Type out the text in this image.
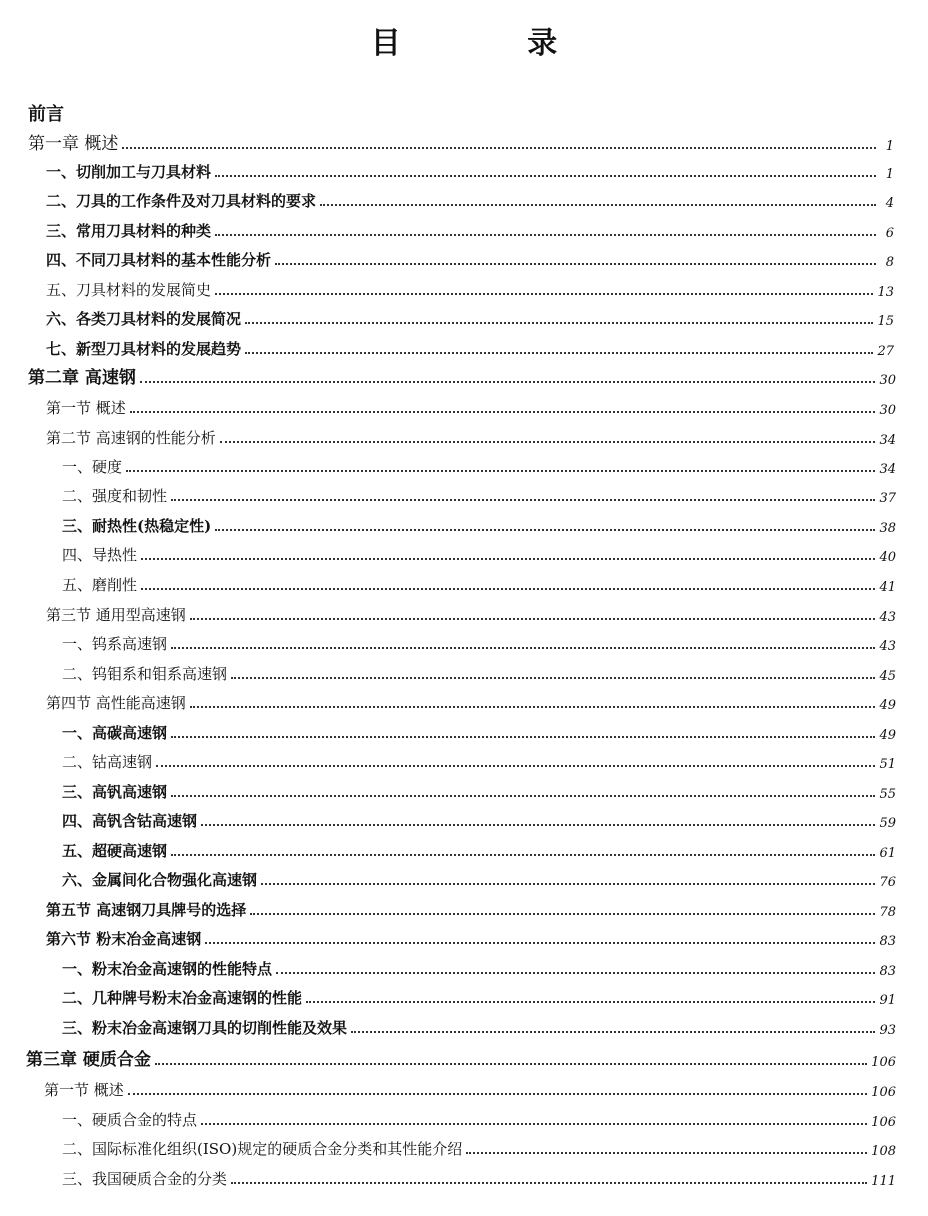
目 录
前言
第一章 概述	1
一、切削加工与刀具材料	1
二、刀具的工作条件及对刀具材料的要求	4
三、常用刀具材料的种类	6
四、不同刀具材料的基本性能分析	8
五、刀具材料的发展简史	13
六、各类刀具材料的发展简况	15
七、新型刀具材料的发展趋势	27
第二章 高速钢	30
第一节 概述	30
第二节 高速钢的性能分析	34
一、硬度	34
二、强度和韧性	37
三、耐热性(热稳定性)	38
四、导热性	40
五、磨削性	41
第三节 通用型高速钢	43
一、钨系高速钢	43
二、钨钼系和钼系高速钢	45
第四节 高性能高速钢	49
一、高碳高速钢	49
二、钴高速钢	51
三、高钒高速钢	55
四、高钒含钴高速钢	59
五、超硬高速钢	61
六、金属间化合物强化高速钢	76
第五节 高速钢刀具牌号的选择	78
第六节 粉末冶金高速钢	83
一、粉末冶金高速钢的性能特点	83
二、几种牌号粉末冶金高速钢的性能	91
三、粉末冶金高速钢刀具的切削性能及效果	93
第三章 硬质合金	106
第一节 概述	106
一、硬质合金的特点	106
二、国际标准化组织(ISO)规定的硬质合金分类和其性能介绍	108
三、我国硬质合金的分类	111
